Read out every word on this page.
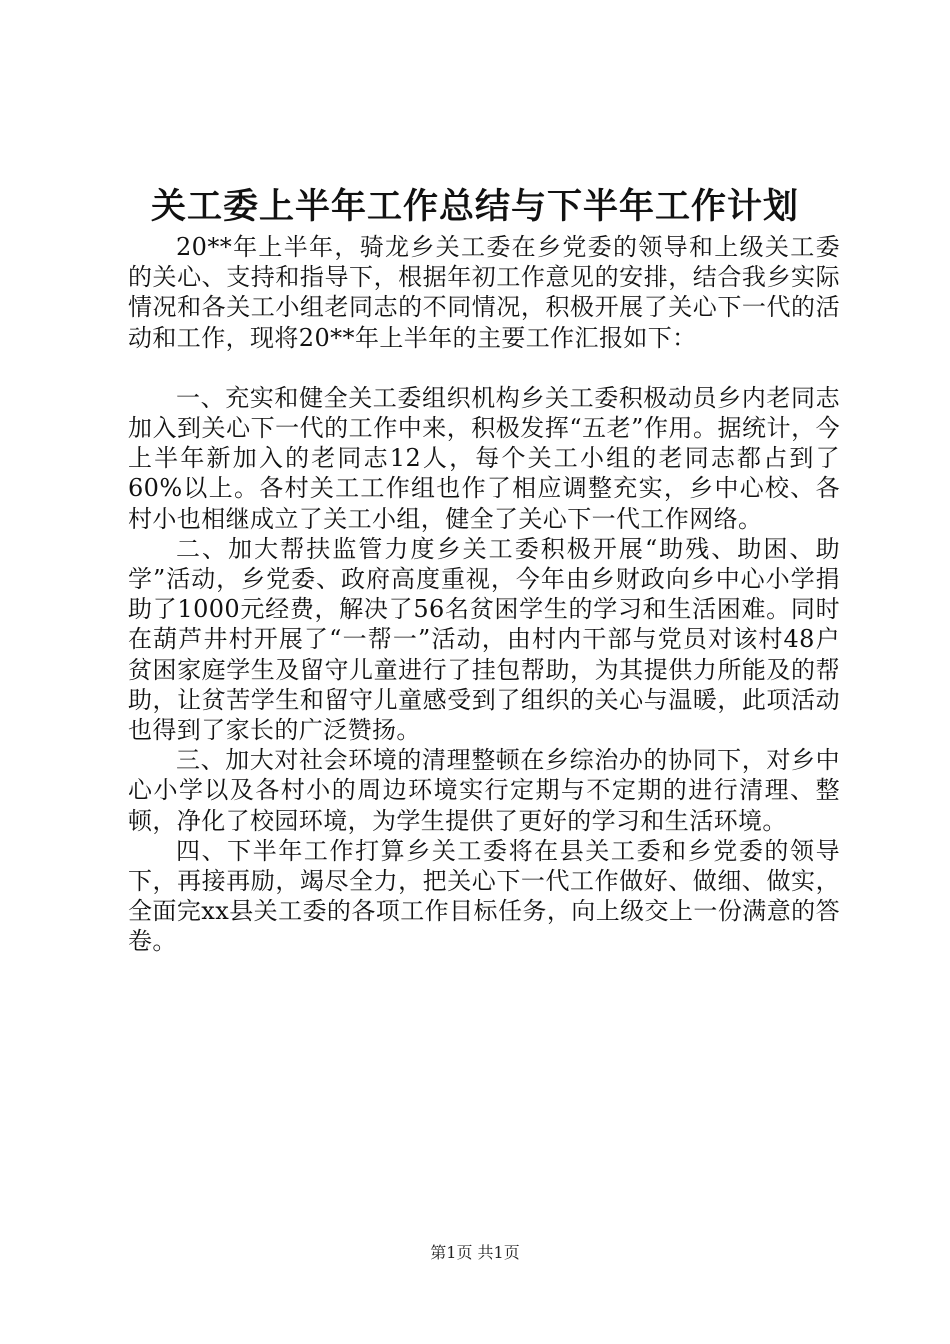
关工委上半年工作总结与下半年工作计划

20**年上半年，骑龙乡关工委在乡党委的领导和上级关工委的关心、支持和指导下，根据年初工作意见的安排，结合我乡实际情况和各关工小组老同志的不同情况，积极开展了关心下一代的活动和工作，现将20**年上半年的主要工作汇报如下：

一、充实和健全关工委组织机构乡关工委积极动员乡内老同志加入到关心下一代的工作中来，积极发挥“五老”作用。据统计，今上半年新加入的老同志12人，每个关工小组的老同志都占到了60%以上。各村关工工作组也作了相应调整充实，乡中心校、各村小也相继成立了关工小组，健全了关心下一代工作网络。

二、加大帮扶监管力度乡关工委积极开展“助残、助困、助学”活动，乡党委、政府高度重视，今年由乡财政向乡中心小学捐助了1000元经费，解决了56名贫困学生的学习和生活困难。同时在葫芦井村开展了“一帮一”活动，由村内干部与党员对该村48户贫困家庭学生及留守儿童进行了挂包帮助，为其提供力所能及的帮助，让贫苦学生和留守儿童感受到了组织的关心与温暖，此项活动也得到了家长的广泛赞扬。

三、加大对社会环境的清理整顿在乡综治办的协同下，对乡中心小学以及各村小的周边环境实行定期与不定期的进行清理、整顿，净化了校园环境，为学生提供了更好的学习和生活环境。

四、下半年工作打算乡关工委将在县关工委和乡党委的领导下，再接再励，竭尽全力，把关心下一代工作做好、做细、做实，全面完xx县关工委的各项工作目标任务，向上级交上一份满意的答卷。

第1页 共1页
